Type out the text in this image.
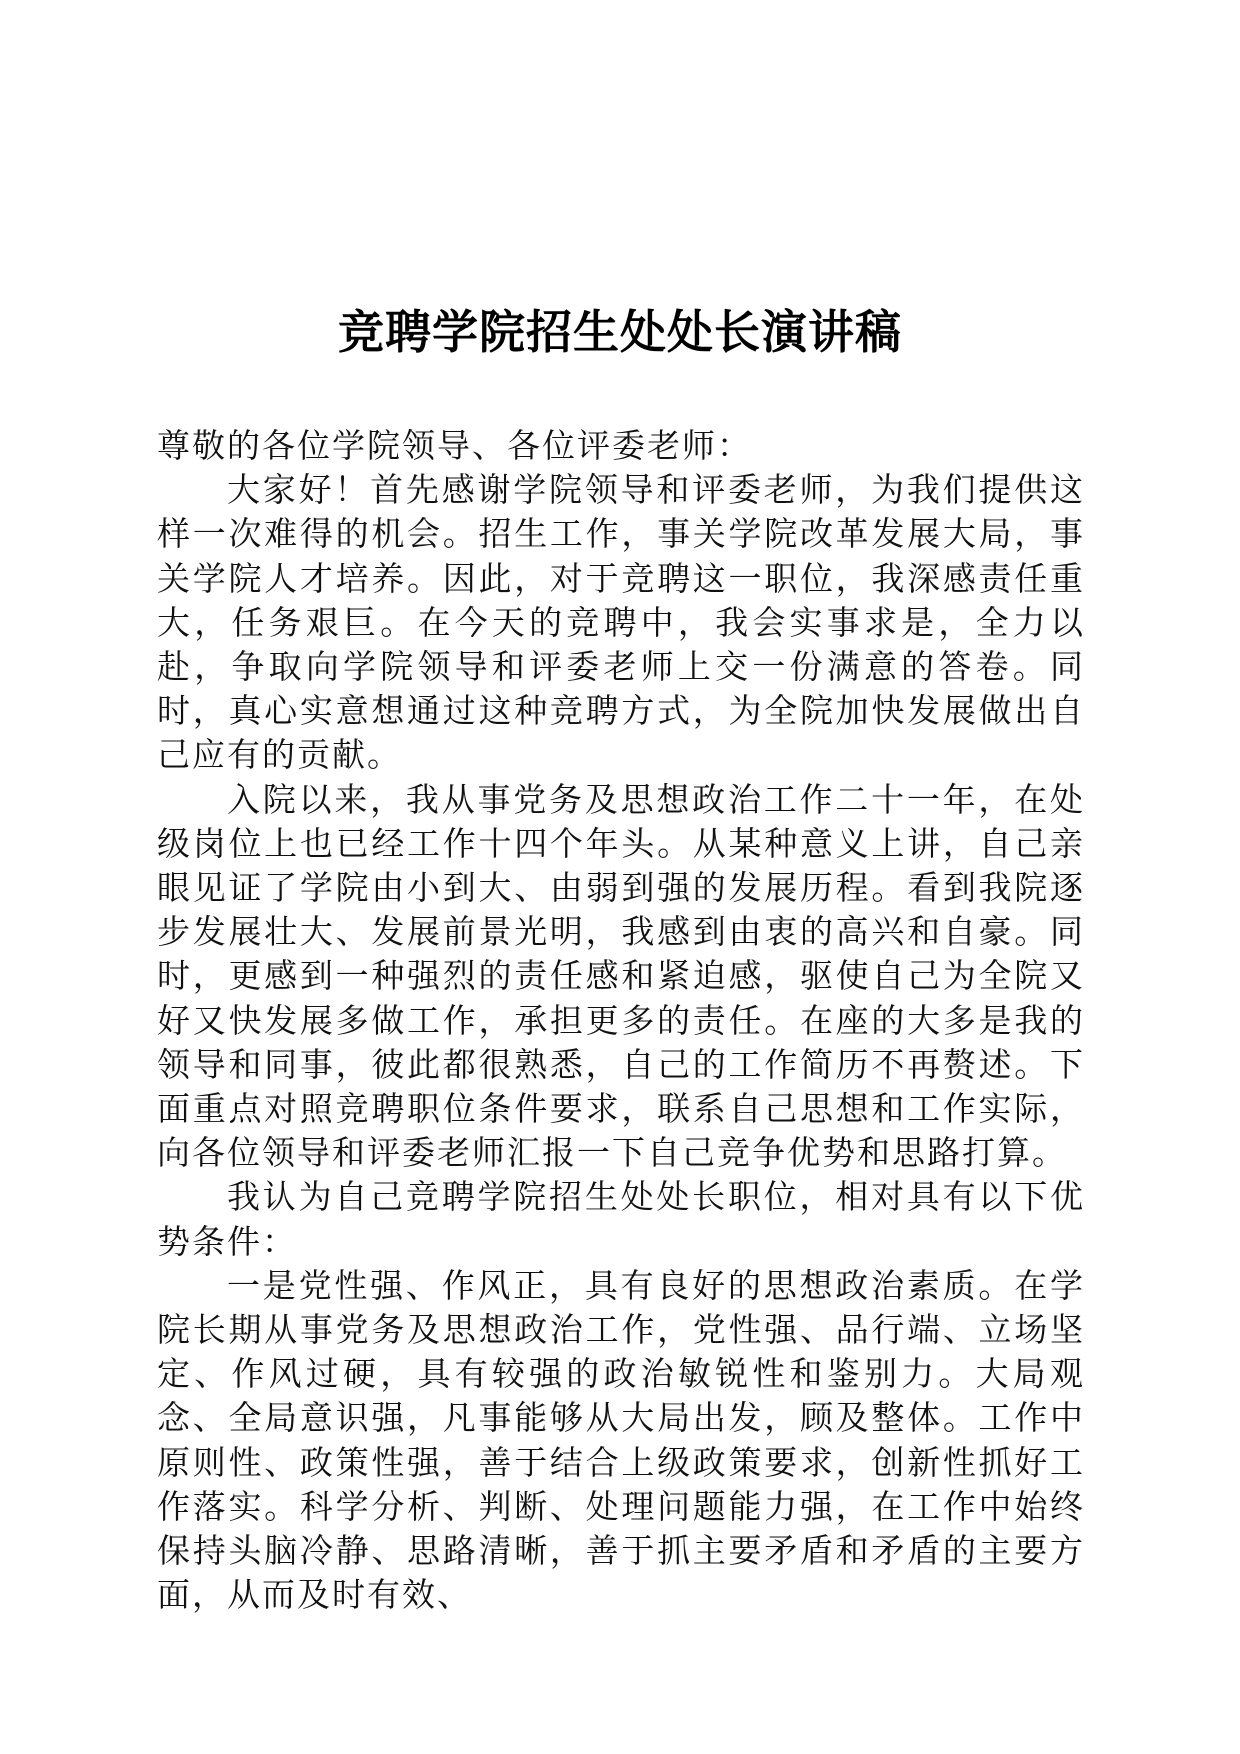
竞聘学院招生处处长演讲稿

尊敬的各位学院领导、各位评委老师：

大家好！首先感谢学院领导和评委老师，为我们提供这样一次难得的机会。招生工作，事关学院改革发展大局，事关学院人才培养。因此，对于竞聘这一职位，我深感责任重大，任务艰巨。在今天的竞聘中，我会实事求是，全力以赴，争取向学院领导和评委老师上交一份满意的答卷。同时，真心实意想通过这种竞聘方式，为全院加快发展做出自己应有的贡献。

入院以来，我从事党务及思想政治工作二十一年，在处级岗位上也已经工作十四个年头。从某种意义上讲，自己亲眼见证了学院由小到大、由弱到强的发展历程。看到我院逐步发展壮大、发展前景光明，我感到由衷的高兴和自豪。同时，更感到一种强烈的责任感和紧迫感，驱使自己为全院又好又快发展多做工作，承担更多的责任。在座的大多是我的领导和同事，彼此都很熟悉，自己的工作简历不再赘述。下面重点对照竞聘职位条件要求，联系自己思想和工作实际，向各位领导和评委老师汇报一下自己竞争优势和思路打算。

我认为自己竞聘学院招生处处长职位，相对具有以下优势条件：

一是党性强、作风正，具有良好的思想政治素质。在学院长期从事党务及思想政治工作，党性强、品行端、立场坚定、作风过硬，具有较强的政治敏锐性和鉴别力。大局观念、全局意识强，凡事能够从大局出发，顾及整体。工作中原则性、政策性强，善于结合上级政策要求，创新性抓好工作落实。科学分析、判断、处理问题能力强，在工作中始终保持头脑冷静、思路清晰，善于抓主要矛盾和矛盾的主要方面，从而及时有效、
